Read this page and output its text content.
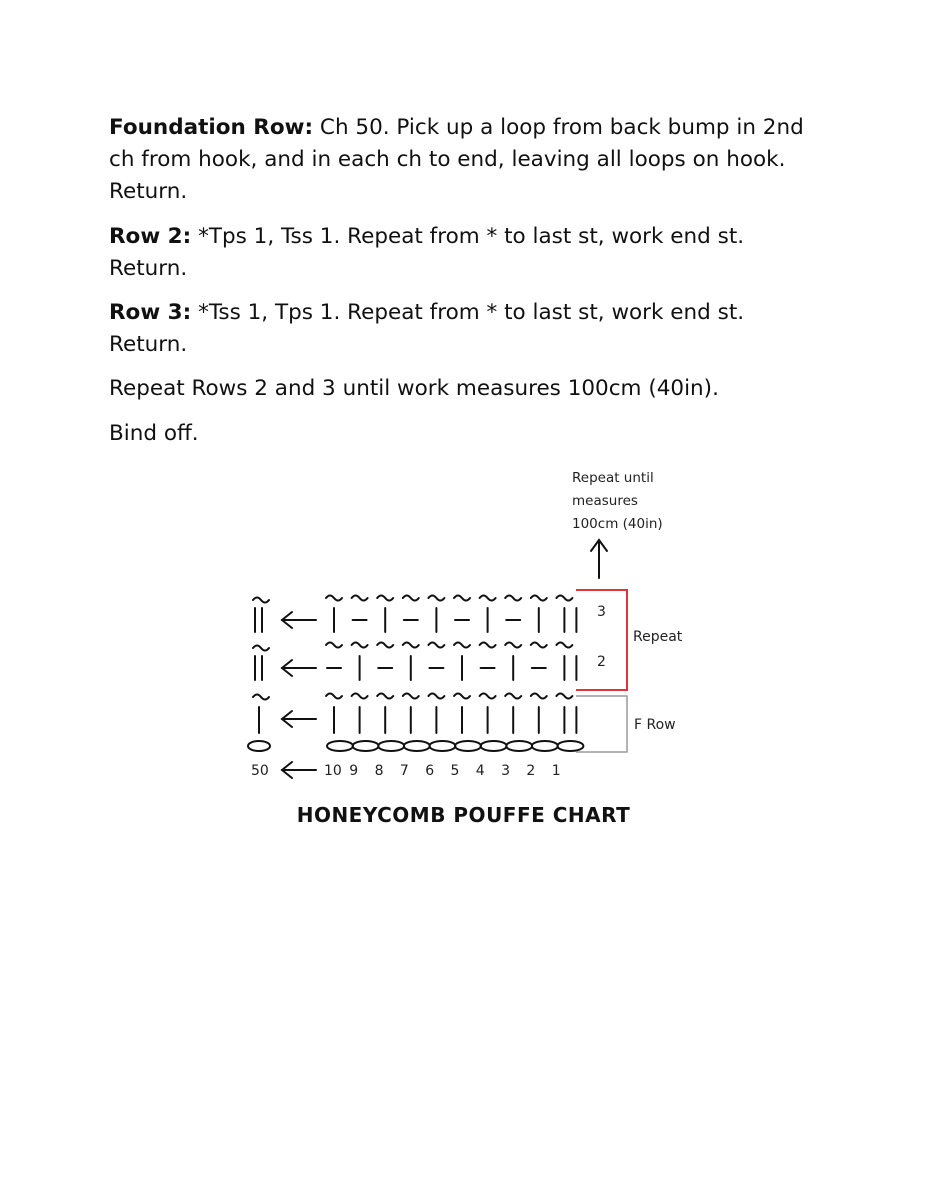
Foundation Row: Ch 50. Pick up a loop from back bump in 2nd ch from hook, and in each ch to end, leaving all loops on hook. Return.

Row 2: *Tps 1, Tss 1. Repeat from * to last st, work end st. Return.

Row 3: *Tss 1, Tps 1. Repeat from * to last st, work end st. Return.

Repeat Rows 2 and 3 until work measures 100cm (40in).

Bind off.

Repeat until
measures
100cm (40in)
3
2
Repeat
F Row
10 9 8 7 6 5 4 3 2 1
50
HONEYCOMB POUFFE CHART
